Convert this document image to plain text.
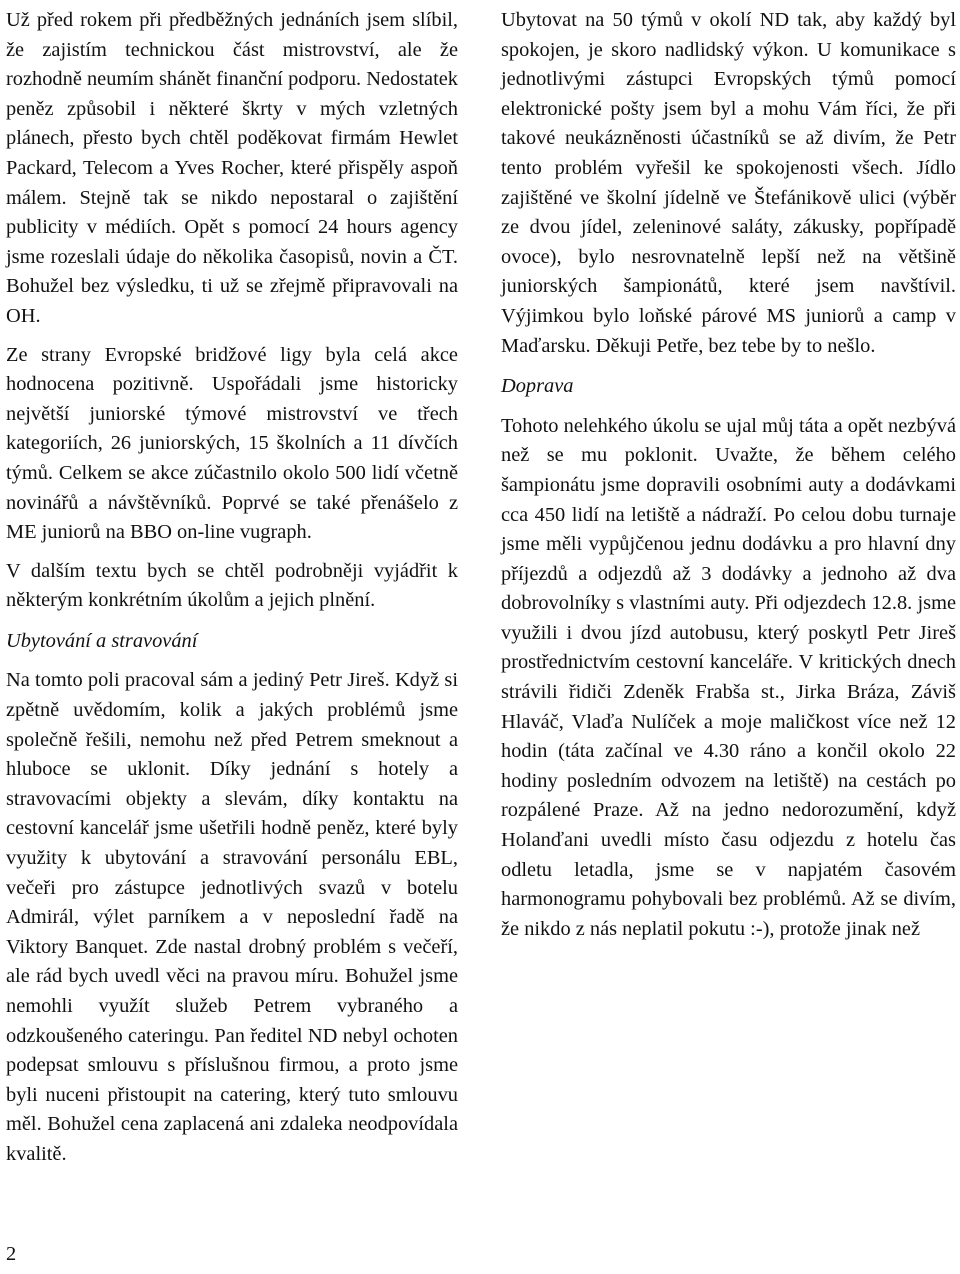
Už před rokem při předběžných jednáních jsem slíbil, že zajistím technickou část mistrovství, ale že rozhodně neumím shánět finanční podporu. Nedostatek peněz způsobil i některé škrty v mých vzletných plánech, přesto bych chtěl poděkovat firmám Hewlet Packard, Telecom a Yves Rocher, které přispěly aspoň málem. Stejně tak se nikdo nepostaral o zajištění publicity v médiích. Opět s pomocí 24 hours agency jsme rozeslali údaje do několika časopisů, novin a ČT. Bohužel bez výsledku, ti už se zřejmě připravovali na OH.

Ze strany Evropské bridžové ligy byla celá akce hodnocena pozitivně. Uspořádali jsme historicky největší juniorské týmové mistrovství ve třech kategoriích, 26 juniorských, 15 školních a 11 dívčích týmů. Celkem se akce zúčastnilo okolo 500 lidí včetně novinářů a návštěvníků. Poprvé se také přenášelo z ME juniorů na BBO on-line vugraph.

V dalším textu bych se chtěl podrobněji vyjádřit k některým konkrétním úkolům a jejich plnění.

Ubytování a stravování

Na tomto poli pracoval sám a jediný Petr Jireš. Když si zpětně uvědomím, kolik a jakých problémů jsme společně řešili, nemohu než před Petrem smeknout a hluboce se uklonit. Díky jednání s hotely a stravovacími objekty a slevám, díky kontaktu na cestovní kancelář jsme ušetřili hodně peněz, které byly využity k ubytování a stravování personálu EBL, večeři pro zástupce jednotlivých svazů v botelu Admirál, výlet parníkem a v neposlední řadě na Viktory Banquet. Zde nastal drobný problém s večeří, ale rád bych uvedl věci na pravou míru. Bohužel jsme nemohli využít služeb Petrem vybraného a odzkoušeného cateringu. Pan ředitel ND nebyl ochoten podepsat smlouvu s příslušnou firmou, a proto jsme byli nuceni přistoupit na catering, který tuto smlouvu měl. Bohužel cena zaplacená ani zdaleka neodpovídala kvalitě.

Ubytovat na 50 týmů v okolí ND tak, aby každý byl spokojen, je skoro nadlidský výkon. U komunikace s jednotlivými zástupci Evropských týmů pomocí elektronické pošty jsem byl a mohu Vám říci, že při takové neukázněnosti účastníků se až divím, že Petr tento problém vyřešil ke spokojenosti všech. Jídlo zajištěné ve školní jídelně ve Štefánikově ulici (výběr ze dvou jídel, zeleninové saláty, zákusky, popřípadě ovoce), bylo nesrovnatelně lepší než na většině juniorských šampionátů, které jsem navštívil. Výjimkou bylo loňské párové MS juniorů a camp v Maďarsku. Děkuji Petře, bez tebe by to nešlo.

Doprava

Tohoto nelehkého úkolu se ujal můj táta a opět nezbývá než se mu poklonit. Uvažte, že během celého šampionátu jsme dopravili osobními auty a dodávkami cca 450 lidí na letiště a nádraží. Po celou dobu turnaje jsme měli vypůjčenou jednu dodávku a pro hlavní dny příjezdů a odjezdů až 3 dodávky a jednoho až dva dobrovolníky s vlastními auty. Při odjezdech 12.8. jsme využili i dvou jízd autobusu, který poskytl Petr Jireš prostřednictvím cestovní kanceláře. V kritických dnech strávili řidiči Zdeněk Frabša st., Jirka Bráza, Záviš Hlaváč, Vlaďa Nulíček a moje maličkost více než 12 hodin (táta začínal ve 4.30 ráno a končil okolo 22 hodiny posledním odvozem na letiště) na cestách po rozpálené Praze. Až na jedno nedorozumění, když Holanďani uvedli místo času odjezdu z hotelu čas odletu letadla, jsme se v napjatém časovém harmonogramu pohybovali bez problémů. Až se divím, že nikdo z nás neplatil pokutu :-), protože jinak než

2
